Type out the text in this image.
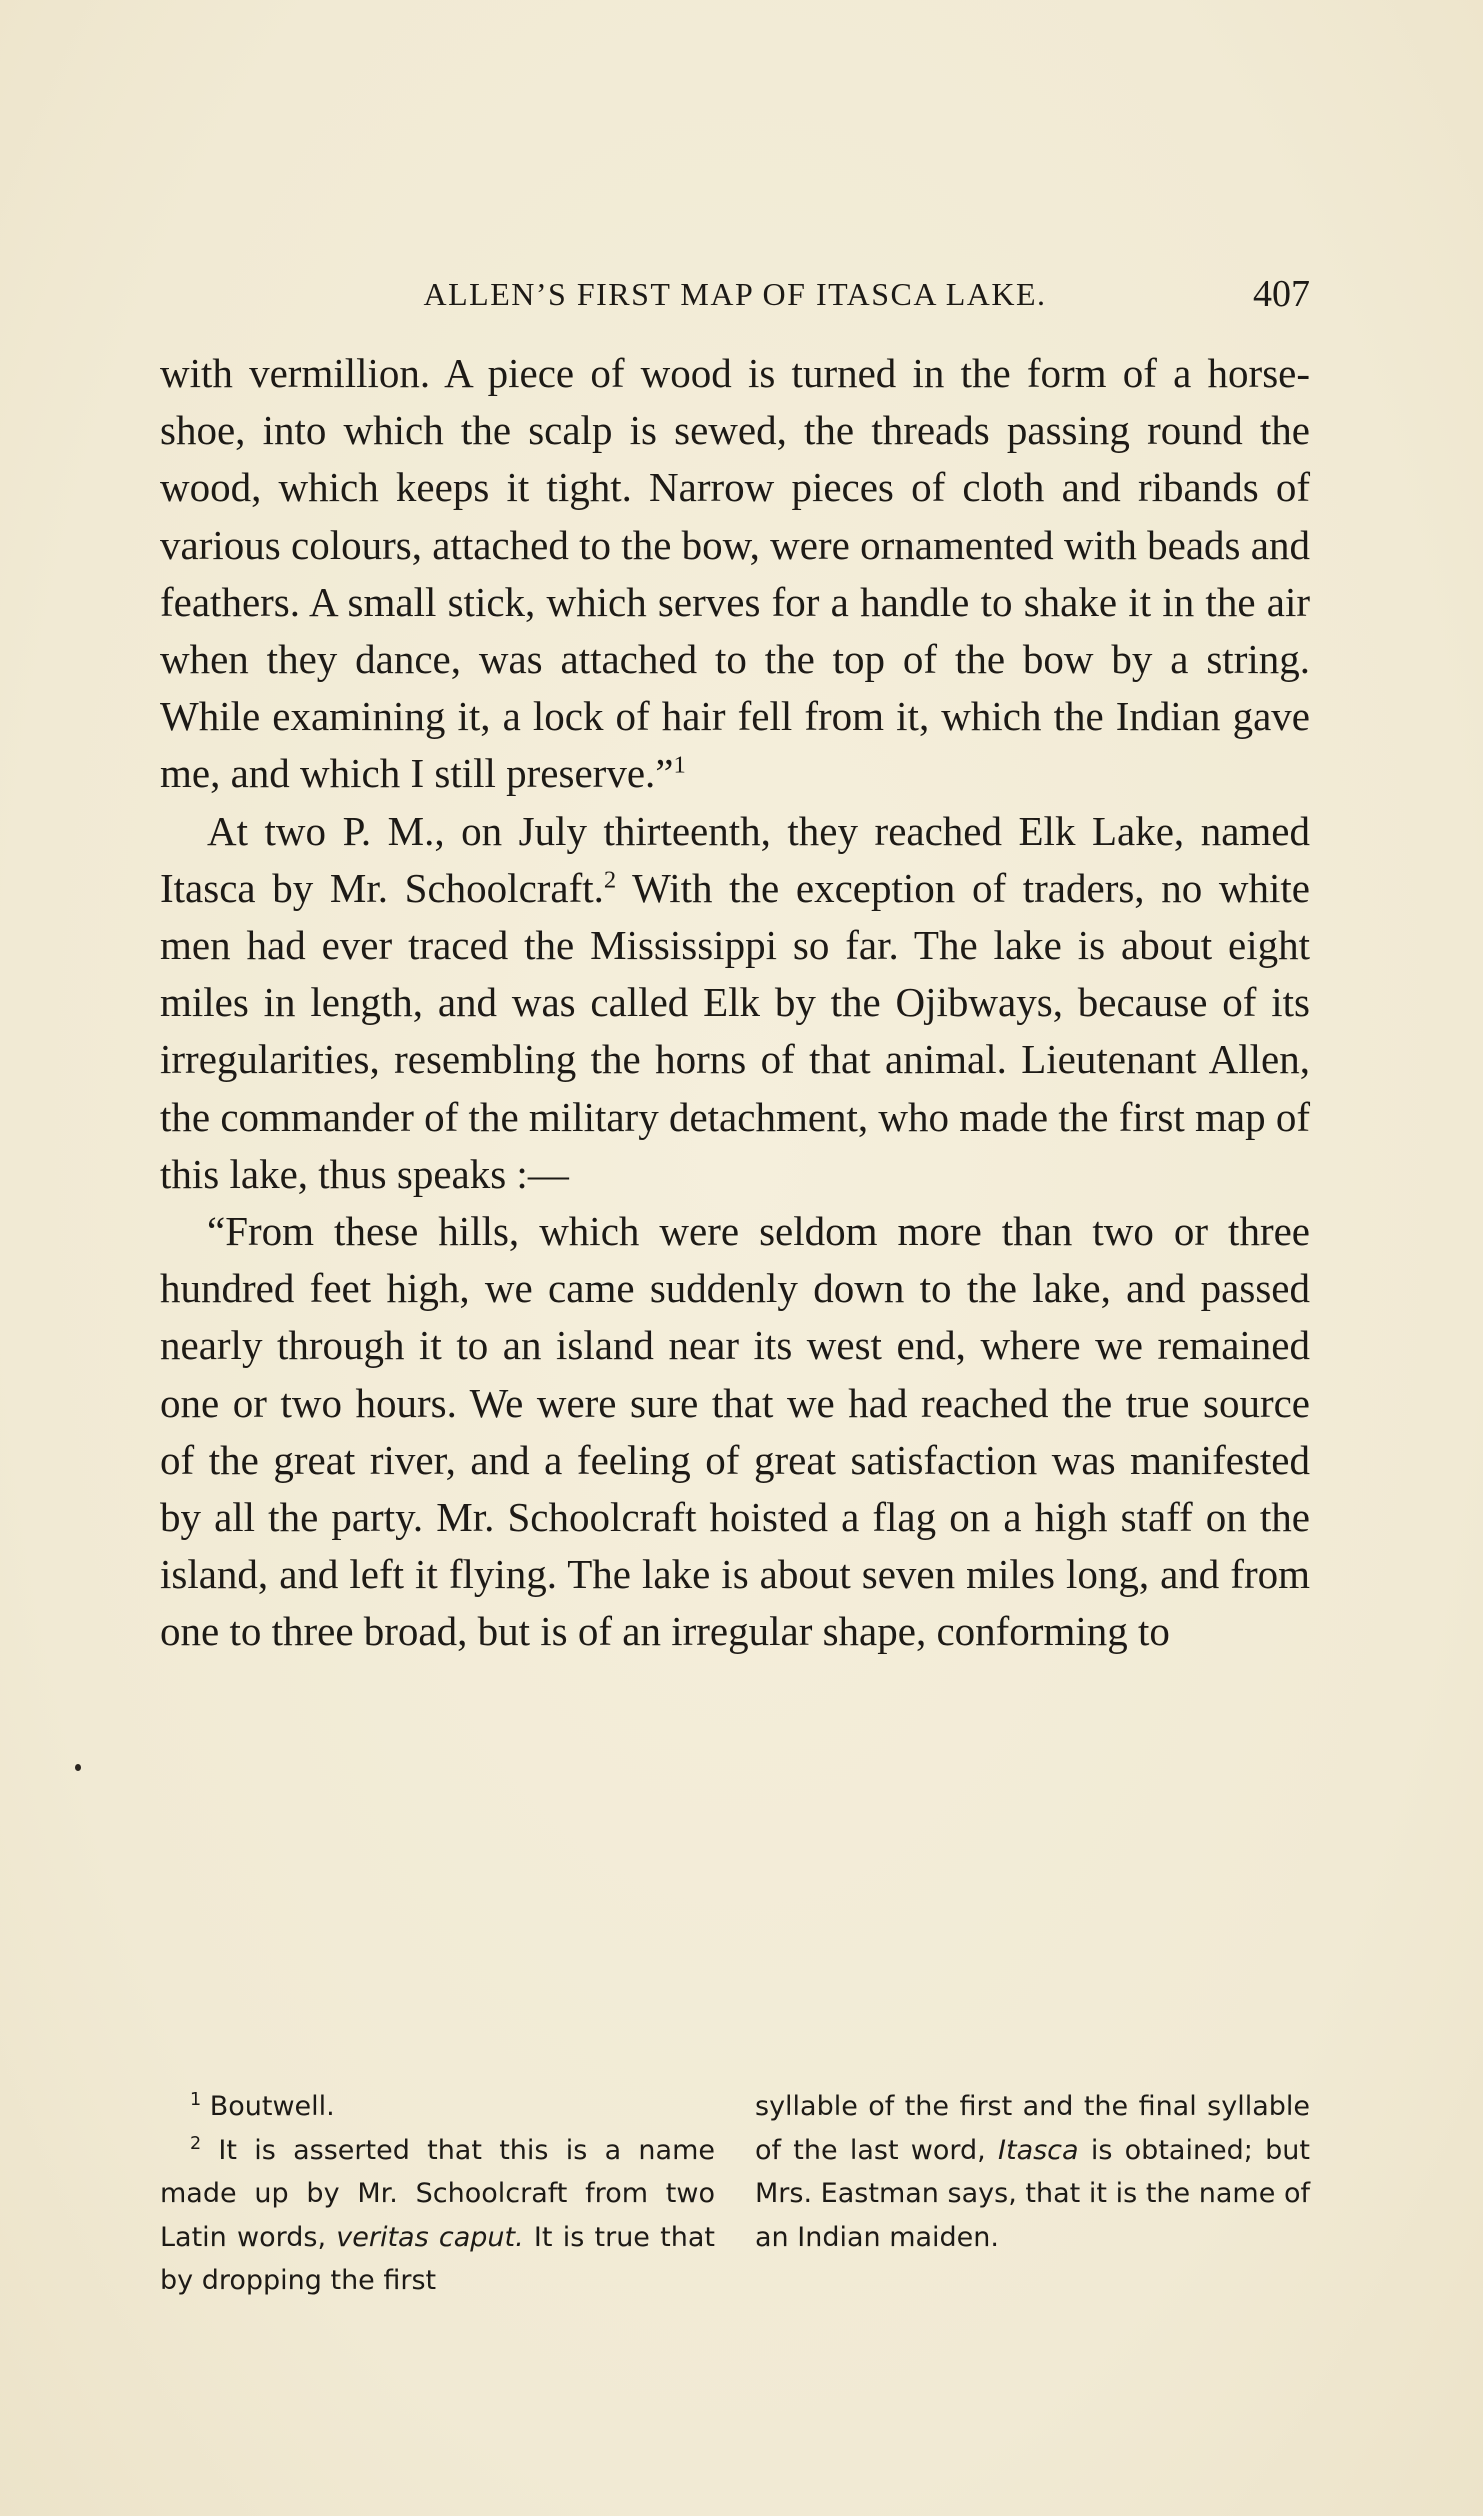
ALLEN’S FIRST MAP OF ITASCA LAKE.	407

with vermillion. A piece of wood is turned in the form of a horse-shoe, into which the scalp is sewed, the threads passing round the wood, which keeps it tight. Narrow pieces of cloth and ribands of various colours, attached to the bow, were ornamented with beads and feathers. A small stick, which serves for a handle to shake it in the air when they dance, was attached to the top of the bow by a string. While examining it, a lock of hair fell from it, which the Indian gave me, and which I still preserve.”$^1$

At two P. M., on July thirteenth, they reached Elk Lake, named Itasca by Mr. Schoolcraft.$^2$ With the exception of traders, no white men had ever traced the Mississippi so far. The lake is about eight miles in length, and was called Elk by the Ojibways, because of its irregularities, resembling the horns of that animal. Lieutenant Allen, the commander of the military detachment, who made the first map of this lake, thus speaks :—

“From these hills, which were seldom more than two or three hundred feet high, we came suddenly down to the lake, and passed nearly through it to an island near its west end, where we remained one or two hours. We were sure that we had reached the true source of the great river, and a feeling of great satisfaction was manifested by all the party. Mr. Schoolcraft hoisted a flag on a high staff on the island, and left it flying. The lake is about seven miles long, and from one to three broad, but is of an irregular shape, conforming to

$^1$ Boutwell.

$^2$ It is asserted that this is a name made up by Mr. Schoolcraft from two Latin words, veritas caput. It is true that by dropping the first

syllable of the first and the final syllable of the last word, Itasca is obtained; but Mrs. Eastman says, that it is the name of an Indian maiden.
